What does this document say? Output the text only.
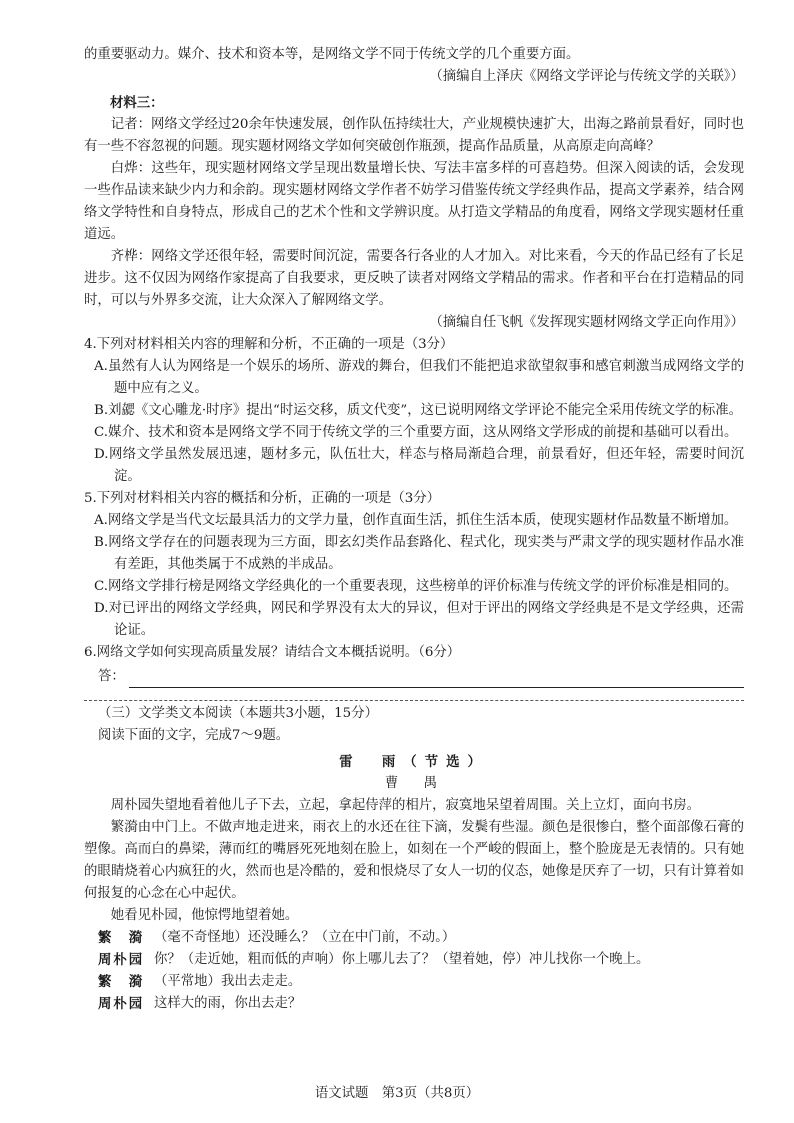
的重要驱动力。媒介、技术和资本等，是网络文学不同于传统文学的几个重要方面。

（摘编自上泽庆《网络文学评论与传统文学的关联》）

材料三：

记者：网络文学经过20余年快速发展，创作队伍持续壮大，产业规模快速扩大，出海之路前景看好，同时也有一些不容忽视的问题。现实题材网络文学如何突破创作瓶颈，提高作品质量，从高原走向高峰？

白烨：这些年，现实题材网络文学呈现出数量增长快、写法丰富多样的可喜趋势。但深入阅读的话，会发现一些作品读来缺少内力和余韵。现实题材网络文学作者不妨学习借鉴传统文学经典作品，提高文学素养，结合网络文学特性和自身特点，形成自己的艺术个性和文学辨识度。从打造文学精品的角度看，网络文学现实题材任重道远。

齐桦：网络文学还很年轻，需要时间沉淀，需要各行各业的人才加入。对比来看，今天的作品已经有了长足进步。这不仅因为网络作家提高了自我要求，更反映了读者对网络文学精品的需求。作者和平台在打造精品的同时，可以与外界多交流，让大众深入了解网络文学。

（摘编自任飞帆《发挥现实题材网络文学正向作用》）

4.下列对材料相关内容的理解和分析，不正确的一项是（3分）

A.虽然有人认为网络是一个娱乐的场所、游戏的舞台，但我们不能把追求欲望叙事和感官刺激当成网络文学的题中应有之义。

B.刘勰《文心雕龙·时序》提出“时运交移，质文代变”，这已说明网络文学评论不能完全采用传统文学的标准。

C.媒介、技术和资本是网络文学不同于传统文学的三个重要方面，这从网络文学形成的前提和基础可以看出。

D.网络文学虽然发展迅速，题材多元，队伍壮大，样态与格局渐趋合理，前景看好，但还年轻，需要时间沉淀。

5.下列对材料相关内容的概括和分析，正确的一项是（3分）

A.网络文学是当代文坛最具活力的文学力量，创作直面生活，抓住生活本质，使现实题材作品数量不断增加。

B.网络文学存在的问题表现为三方面，即玄幻类作品套路化、程式化，现实类与严肃文学的现实题材作品水准有差距，其他类属于不成熟的半成品。

C.网络文学排行榜是网络文学经典化的一个重要表现，这些榜单的评价标准与传统文学的评价标准是相同的。

D.对已评出的网络文学经典，网民和学界没有太大的异议，但对于评出的网络文学经典是不是文学经典，还需论证。

6.网络文学如何实现高质量发展？请结合文本概括说明。（6分）

答：

（三）文学类文本阅读（本题共3小题，15分）

阅读下面的文字，完成7～9题。

雷　雨（节选）

曹　禺

周朴园失望地看着他儿子下去，立起，拿起侍萍的相片，寂寞地呆望着周围。关上立灯，面向书房。

繁漪由中门上。不做声地走进来，雨衣上的水还在往下滴，发鬓有些湿。颜色是很惨白，整个面部像石膏的塑像。高而白的鼻梁，薄而红的嘴唇死死地刻在脸上，如刻在一个严峻的假面上，整个脸庞是无表情的。只有她的眼睛烧着心内疯狂的火，然而也是冷酷的，爱和恨烧尽了女人一切的仪态，她像是厌弃了一切，只有计算着如何报复的心念在心中起伏。

她看见朴园，他惊愕地望着她。

繁　漪 （毫不奇怪地）还没睡么？（立在中门前，不动。）
周朴园 你？（走近她，粗而低的声响）你上哪儿去了？（望着她，停）冲儿找你一个晚上。
繁　漪 （平常地）我出去走走。
周朴园 这样大的雨，你出去走？
语文试题　第3页（共8页）
